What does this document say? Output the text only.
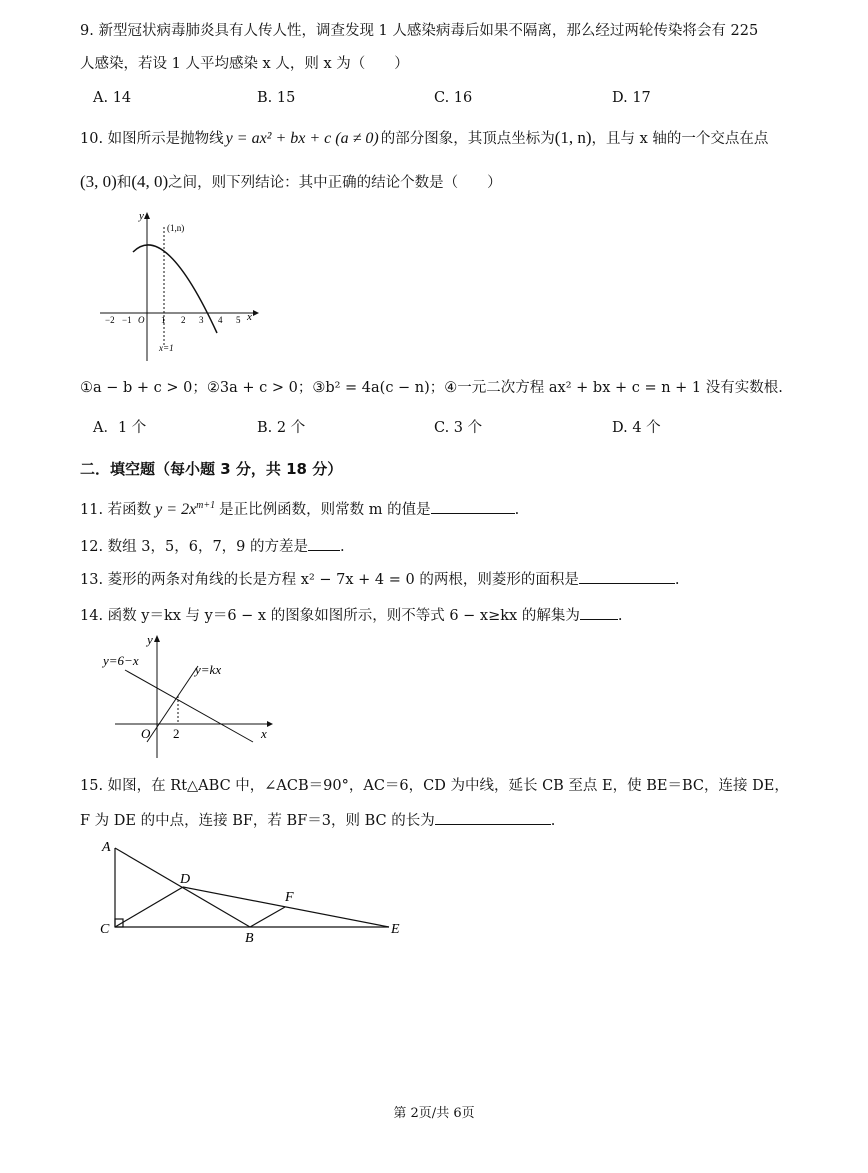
9. 新型冠状病毒肺炎具有人传人性，调查发现 1 人感染病毒后如果不隔离，那么经过两轮传染将会有 225
人感染，若设 1 人平均感染 x 人，则 x 为（　　）
A. 14	B. 15	C. 16	D. 17
10. 如图所示是抛物线 y = ax² + bx + c (a ≠ 0) 的部分图象，其顶点坐标为(1, n)，且与 x 轴的一个交点在点
(3, 0)和(4, 0)之间，则下列结论：其中正确的结论个数是（　　）
y
x
(1,n)
x=1
−2 −1 O 1 2 3 4 5
①a − b + c > 0；②3a + c > 0；③b² = 4a(c − n)；④一元二次方程 ax² + bx + c = n + 1 没有实数根.
A．1 个	B. 2 个	C. 3 个	D. 4 个
二．填空题（每小题 3 分，共 18 分）
11. 若函数 $y = 2x^{m+1}$ 是正比例函数，则常数 m 的值是	.
12. 数组 3，5，6，7，9 的方差是 .
13. 菱形的两条对角线的长是方程 x² − 7x + 4 = 0 的两根，则菱形的面积是	.
14. 函数 y＝kx 与 y＝6 − x 的图象如图所示，则不等式 6 − x≥kx 的解集为	.
y
x
O 2
y=6−x
y=kx
15. 如图，在 Rt△ABC 中，∠ACB＝90°，AC＝6，CD 为中线，延长 CB 至点 E，使 BE＝BC，连接 DE，
F 为 DE 的中点，连接 BF，若 BF＝3，则 BC 的长为	.
A
C
D
B
F
E
第 2页/共 6页
